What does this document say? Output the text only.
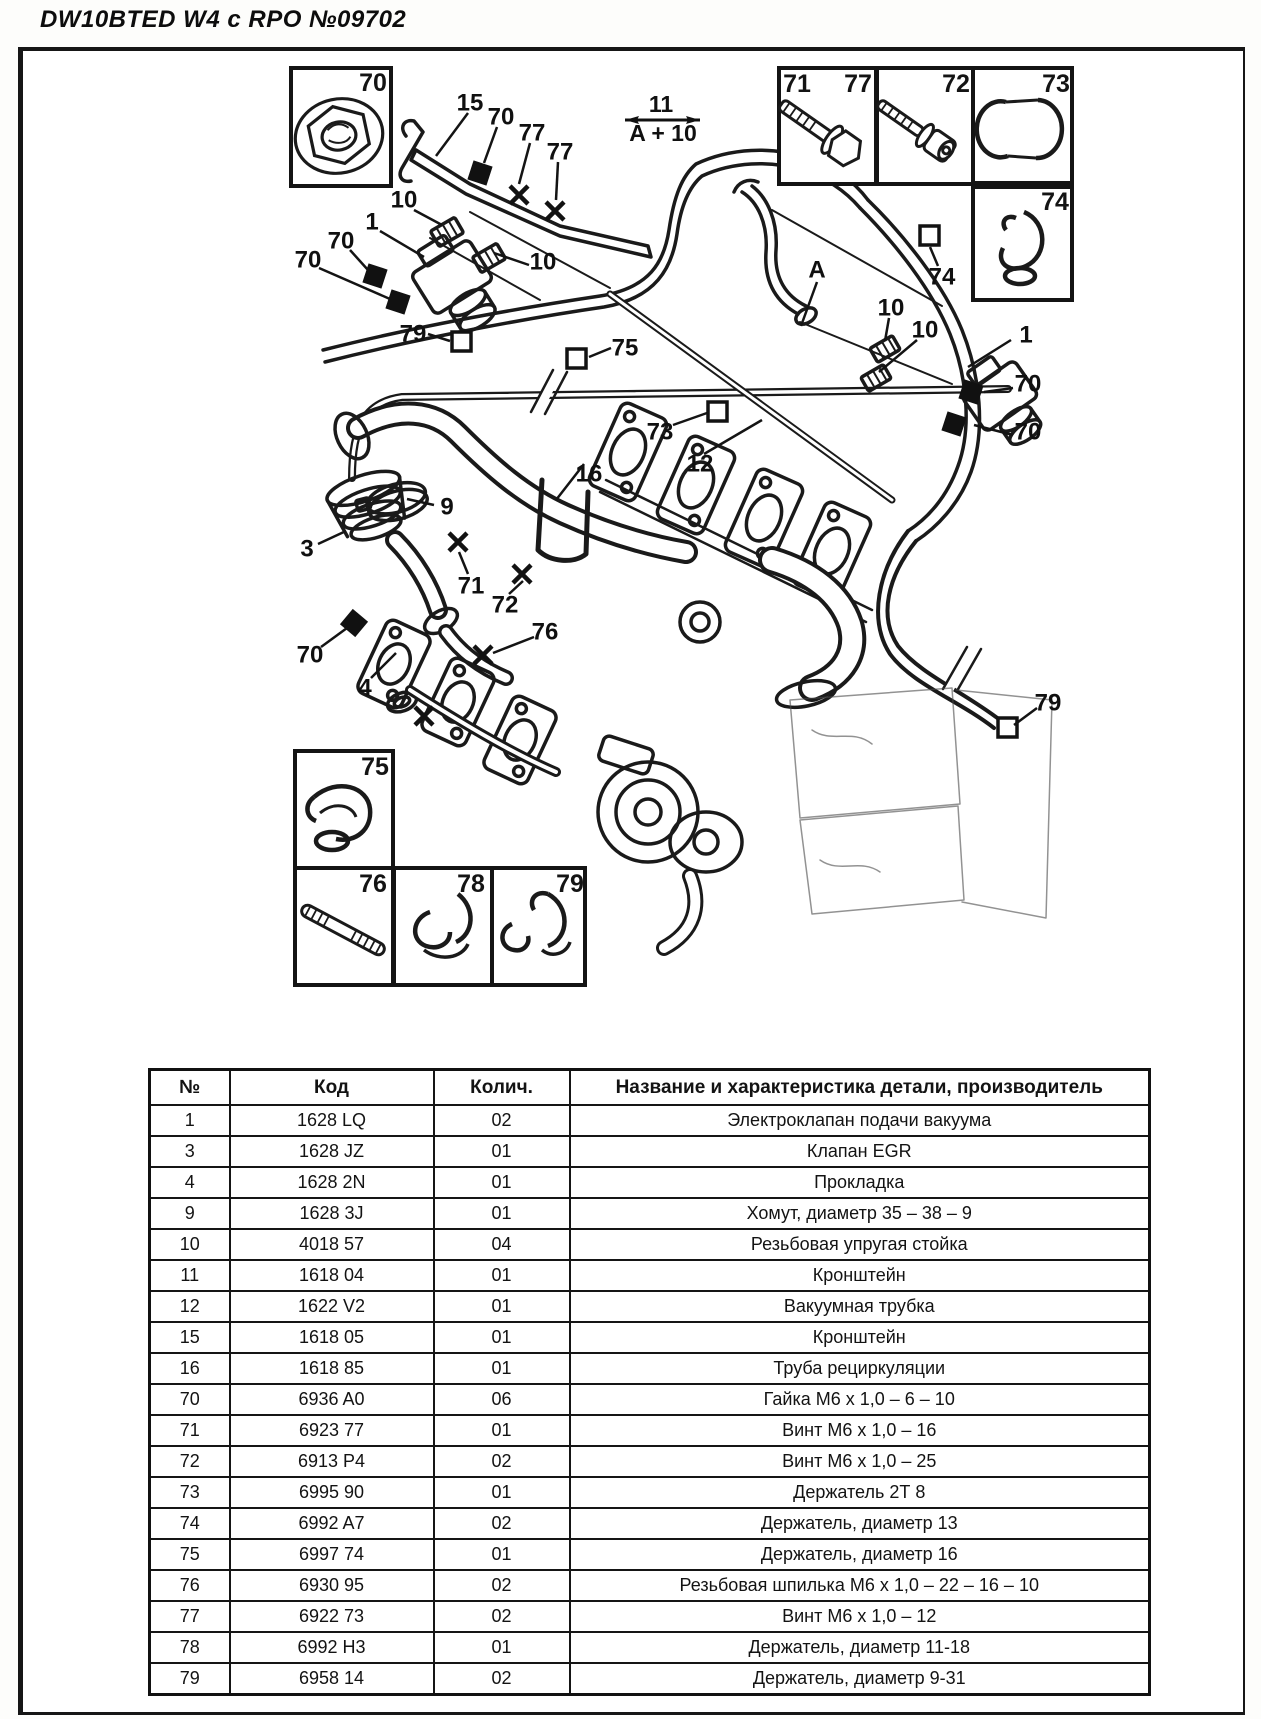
DW10BTED W4 с RPO №09702
11
A + 10
70	71 77	72	73
74
75
76	78	79
15
70
77
77
10
1
70
70	10
79
75
73
12
16
9
3
71
72
76
70
4
A	74
10
10	1
70
70
79
№	Код	Колич.	Название и характеристика детали, производитель
1	1628 LQ	02	Электроклапан подачи вакуума
3	1628 JZ	01	Клапан EGR
4	1628 2N	01	Прокладка
9	1628 3J	01	Хомут, диаметр 35 – 38 – 9
10	4018 57	04	Резьбовая упругая стойка
11	1618 04	01	Кронштейн
12	1622 V2	01	Вакуумная трубка
15	1618 05	01	Кронштейн
16	1618 85	01	Труба рециркуляции
70	6936 A0	06	Гайка М6 х 1,0 – 6 – 10
71	6923 77	01	Винт М6 х 1,0 – 16
72	6913 P4	02	Винт М6 х 1,0 – 25
73	6995 90	01	Держатель 2Т 8
74	6992 A7	02	Держатель, диаметр 13
75	6997 74	01	Держатель, диаметр 16
76	6930 95	02	Резьбовая шпилька М6 х 1,0 – 22 – 16 – 10
77	6922 73	02	Винт М6 х 1,0 – 12
78	6992 H3	01	Держатель, диаметр 11-18
79	6958 14	02	Держатель, диаметр 9-31
